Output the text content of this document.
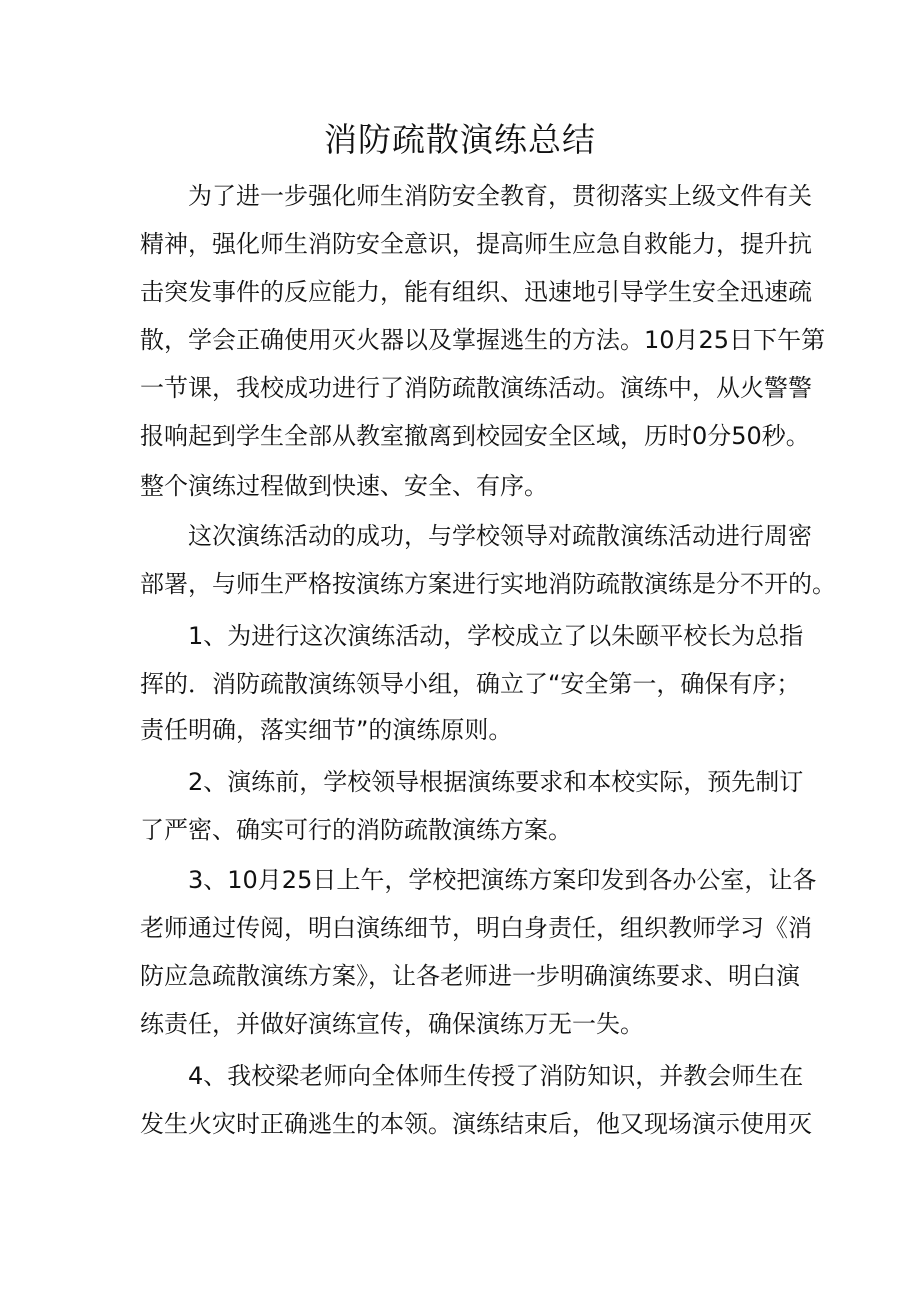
消防疏散演练总结

为了进一步强化师生消防安全教育，贯彻落实上级文件有关

精神，强化师生消防安全意识，提高师生应急自救能力，提升抗

击突发事件的反应能力，能有组织、迅速地引导学生安全迅速疏

散，学会正确使用灭火器以及掌握逃生的方法。10月25日下午第

一节课，我校成功进行了消防疏散演练活动。演练中，从火警警

报响起到学生全部从教室撤离到校园安全区域，历时0分50秒。

整个演练过程做到快速、安全、有序。

这次演练活动的成功，与学校领导对疏散演练活动进行周密

部署，与师生严格按演练方案进行实地消防疏散演练是分不开的。

1、为进行这次演练活动，学校成立了以朱颐平校长为总指

挥的．消防疏散演练领导小组，确立了“安全第一，确保有序；

责任明确，落实细节”的演练原则。

2、演练前，学校领导根据演练要求和本校实际，预先制订

了严密、确实可行的消防疏散演练方案。

3、10月25日上午，学校把演练方案印发到各办公室，让各

老师通过传阅，明白演练细节，明白身责任，组织教师学习《消

防应急疏散演练方案》，让各老师进一步明确演练要求、明白演

练责任，并做好演练宣传，确保演练万无一失。

4、我校梁老师向全体师生传授了消防知识，并教会师生在

发生火灾时正确逃生的本领。演练结束后，他又现场演示使用灭
